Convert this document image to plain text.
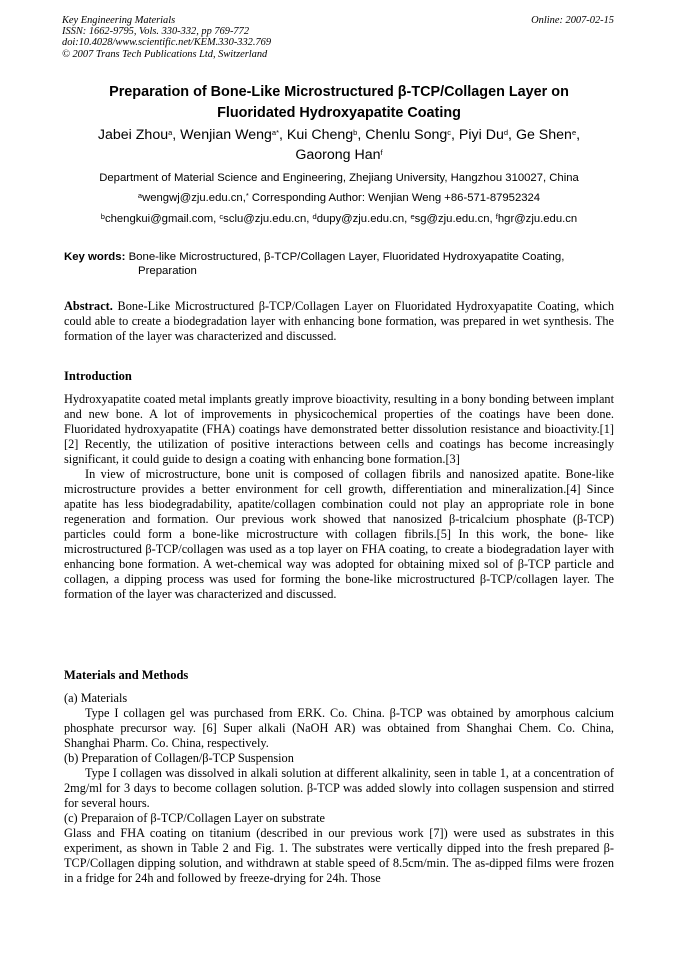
Key Engineering Materials
ISSN: 1662-9795, Vols. 330-332, pp 769-772
doi:10.4028/www.scientific.net/KEM.330-332.769
© 2007 Trans Tech Publications Ltd, Switzerland
Online: 2007-02-15
Preparation of Bone-Like Microstructured β-TCP/Collagen Layer on
Fluoridated Hydroxyapatite Coating
Jabei Zhou$^a$, Wenjian Weng$^{a*}$, Kui Cheng$^b$, Chenlu Song$^c$, Piyi Du$^d$, Ge Shen$^e$,
Gaorong Han$^f$
Department of Material Science and Engineering, Zhejiang University, Hangzhou 310027, China
$^a$wengwj@zju.edu.cn,* Corresponding Author: Wenjian Weng +86-571-87952324
$^b$chengkui@gmail.com, $^c$sclu@zju.edu.cn, $^d$dupy@zju.edu.cn, $^e$sg@zju.edu.cn, $^f$hgr@zju.edu.cn
Key words: Bone-like Microstructured, β-TCP/Collagen Layer, Fluoridated Hydroxyapatite Coating,
Preparation

Abstract. Bone-Like Microstructured β-TCP/Collagen Layer on Fluoridated Hydroxyapatite Coating, which could able to create a biodegradation layer with enhancing bone formation, was prepared in wet synthesis. The formation of the layer was characterized and discussed.

Introduction

Hydroxyapatite coated metal implants greatly improve bioactivity, resulting in a bony bonding between implant and new bone. A lot of improvements in physicochemical properties of the coatings have been done. Fluoridated hydroxyapatite (FHA) coatings have demonstrated better dissolution resistance and bioactivity.[1][2] Recently, the utilization of positive interactions between cells and coatings has become increasingly significant, it could guide to design a coating with enhancing bone formation.[3]

In view of microstructure, bone unit is composed of collagen fibrils and nanosized apatite. Bone-like microstructure provides a better environment for cell growth, differentiation and mineralization.[4] Since apatite has less biodegradability, apatite/collagen combination could not play an appropriate role in bone regeneration and formation. Our previous work showed that nanosized β-tricalcium phosphate (β-TCP) particles could form a bone-like microstructure with collagen fibrils.[5] In this work, the bone- like microstructured β-TCP/collagen was used as a top layer on FHA coating, to create a biodegradation layer with enhancing bone formation. A wet-chemical way was adopted for obtaining mixed sol of β-TCP particle and collagen, a dipping process was used for forming the bone-like microstructured β-TCP/collagen layer. The formation of the layer was characterized and discussed.

Materials and Methods

(a) Materials

Type I collagen gel was purchased from ERK. Co. China. β-TCP was obtained by amorphous calcium phosphate precursor way. [6] Super alkali (NaOH AR) was obtained from Shanghai Chem. Co. China, Shanghai Pharm. Co. China, respectively.

(b) Preparation of Collagen/β-TCP Suspension

Type I collagen was dissolved in alkali solution at different alkalinity, seen in table 1, at a concentration of 2mg/ml for 3 days to become collagen solution. β-TCP was added slowly into collagen suspension and stirred for several hours.

(c) Preparaion of β-TCP/Collagen Layer on substrate

Glass and FHA coating on titanium (described in our previous work [7]) were used as substrates in this experiment, as shown in Table 2 and Fig. 1. The substrates were vertically dipped into the fresh prepared β-TCP/Collagen dipping solution, and withdrawn at stable speed of 8.5cm/min. The as-dipped films were frozen in a fridge for 24h and followed by freeze-drying for 24h. Those
